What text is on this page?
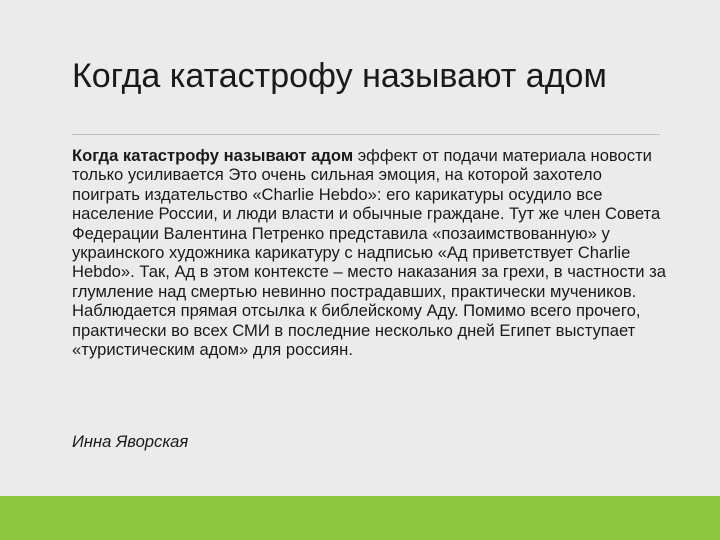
Когда катастрофу называют адом

Когда катастрофу называют адом эффект от подачи материала новости только усиливается Это очень сильная эмоция, на которой захотело поиграть издательство «Charlie Hebdo»: его карикатуры осудило все население России, и люди власти и обычные граждане. Тут же член Совета Федерации Валентина Петренко представила «позаимствованную» у украинского художника карикатуру с надписью «Ад приветствует Charlie Hebdo». Так, Ад в этом контексте – место наказания за грехи, в частности за глумление над смертью невинно пострадавших, практически мучеников. Наблюдается прямая отсылка к библейскому Аду. Помимо всего прочего, практически во всех СМИ в последние несколько дней Египет выступает «туристическим адом» для россиян.

Инна Яворская
